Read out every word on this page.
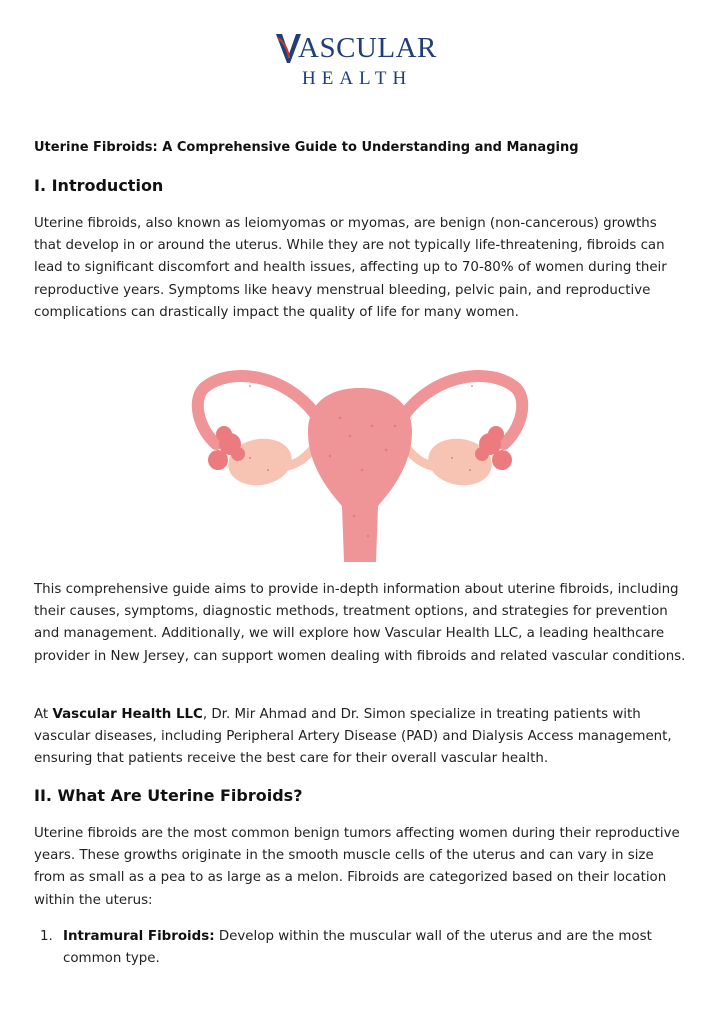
ASCULAR
HEALTH
Uterine Fibroids: A Comprehensive Guide to Understanding and Managing
I. Introduction

Uterine fibroids, also known as leiomyomas or myomas, are benign (non-cancerous) growths that develop in or around the uterus. While they are not typically life-threatening, fibroids can lead to significant discomfort and health issues, affecting up to 70-80% of women during their reproductive years. Symptoms like heavy menstrual bleeding, pelvic pain, and reproductive complications can drastically impact the quality of life for many women.

This comprehensive guide aims to provide in-depth information about uterine fibroids, including their causes, symptoms, diagnostic methods, treatment options, and strategies for prevention and management. Additionally, we will explore how Vascular Health LLC, a leading healthcare provider in New Jersey, can support women dealing with fibroids and related vascular conditions.

At Vascular Health LLC, Dr. Mir Ahmad and Dr. Simon specialize in treating patients with vascular diseases, including Peripheral Artery Disease (PAD) and Dialysis Access management, ensuring that patients receive the best care for their overall vascular health.

II. What Are Uterine Fibroids?

Uterine fibroids are the most common benign tumors affecting women during their reproductive years. These growths originate in the smooth muscle cells of the uterus and can vary in size from as small as a pea to as large as a melon. Fibroids are categorized based on their location within the uterus:

1. Intramural Fibroids: Develop within the muscular wall of the uterus and are the most common type.
